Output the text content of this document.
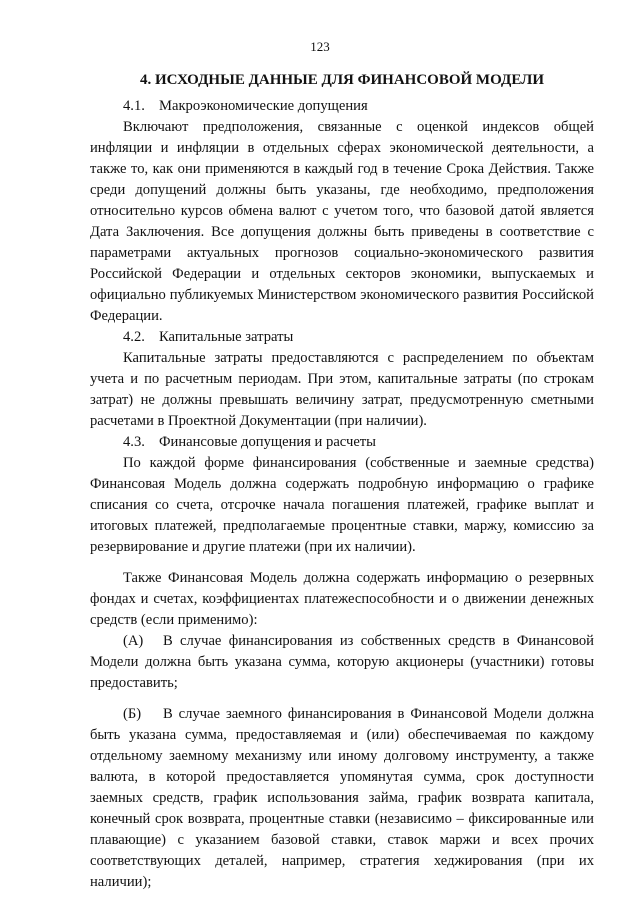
123
4. ИСХОДНЫЕ ДАННЫЕ ДЛЯ ФИНАНСОВОЙ МОДЕЛИ

4.1. Макроэкономические допущения

Включают предположения, связанные с оценкой индексов общей инфляции и инфляции в отдельных сферах экономической деятельности, а также то, как они применяются в каждый год в течение Срока Действия. Также среди допущений должны быть указаны, где необходимо, предположения относительно курсов обмена валют с учетом того, что базовой датой является Дата Заключения. Все допущения должны быть приведены в соответствие с параметрами актуальных прогнозов социально-экономического развития Российской Федерации и отдельных секторов экономики, выпускаемых и официально публикуемых Министерством экономического развития Российской Федерации.

4.2. Капитальные затраты

Капитальные затраты предоставляются с распределением по объектам учета и по расчетным периодам. При этом, капитальные затраты (по строкам затрат) не должны превышать величину затрат, предусмотренную сметными расчетами в Проектной Документации (при наличии).

4.3. Финансовые допущения и расчеты

По каждой форме финансирования (собственные и заемные средства) Финансовая Модель должна содержать подробную информацию о графике списания со счета, отсрочке начала погашения платежей, графике выплат и итоговых платежей, предполагаемые процентные ставки, маржу, комиссию за резервирование и другие платежи (при их наличии).

Также Финансовая Модель должна содержать информацию о резервных фондах и счетах, коэффициентах платежеспособности и о движении денежных средств (если применимо):

(А) В случае финансирования из собственных средств в Финансовой Модели должна быть указана сумма, которую акционеры (участники) готовы предоставить;

(Б) В случае заемного финансирования в Финансовой Модели должна быть указана сумма, предоставляемая и (или) обеспечиваемая по каждому отдельному заемному механизму или иному долговому инструменту, а также валюта, в которой предоставляется упомянутая сумма, срок доступности заемных средств, график использования займа, график возврата капитала, конечный срок возврата, процентные ставки (независимо – фиксированные или плавающие) с указанием базовой ставки, ставок маржи и всех прочих соответствующих деталей, например, стратегия хеджирования (при их наличии);
